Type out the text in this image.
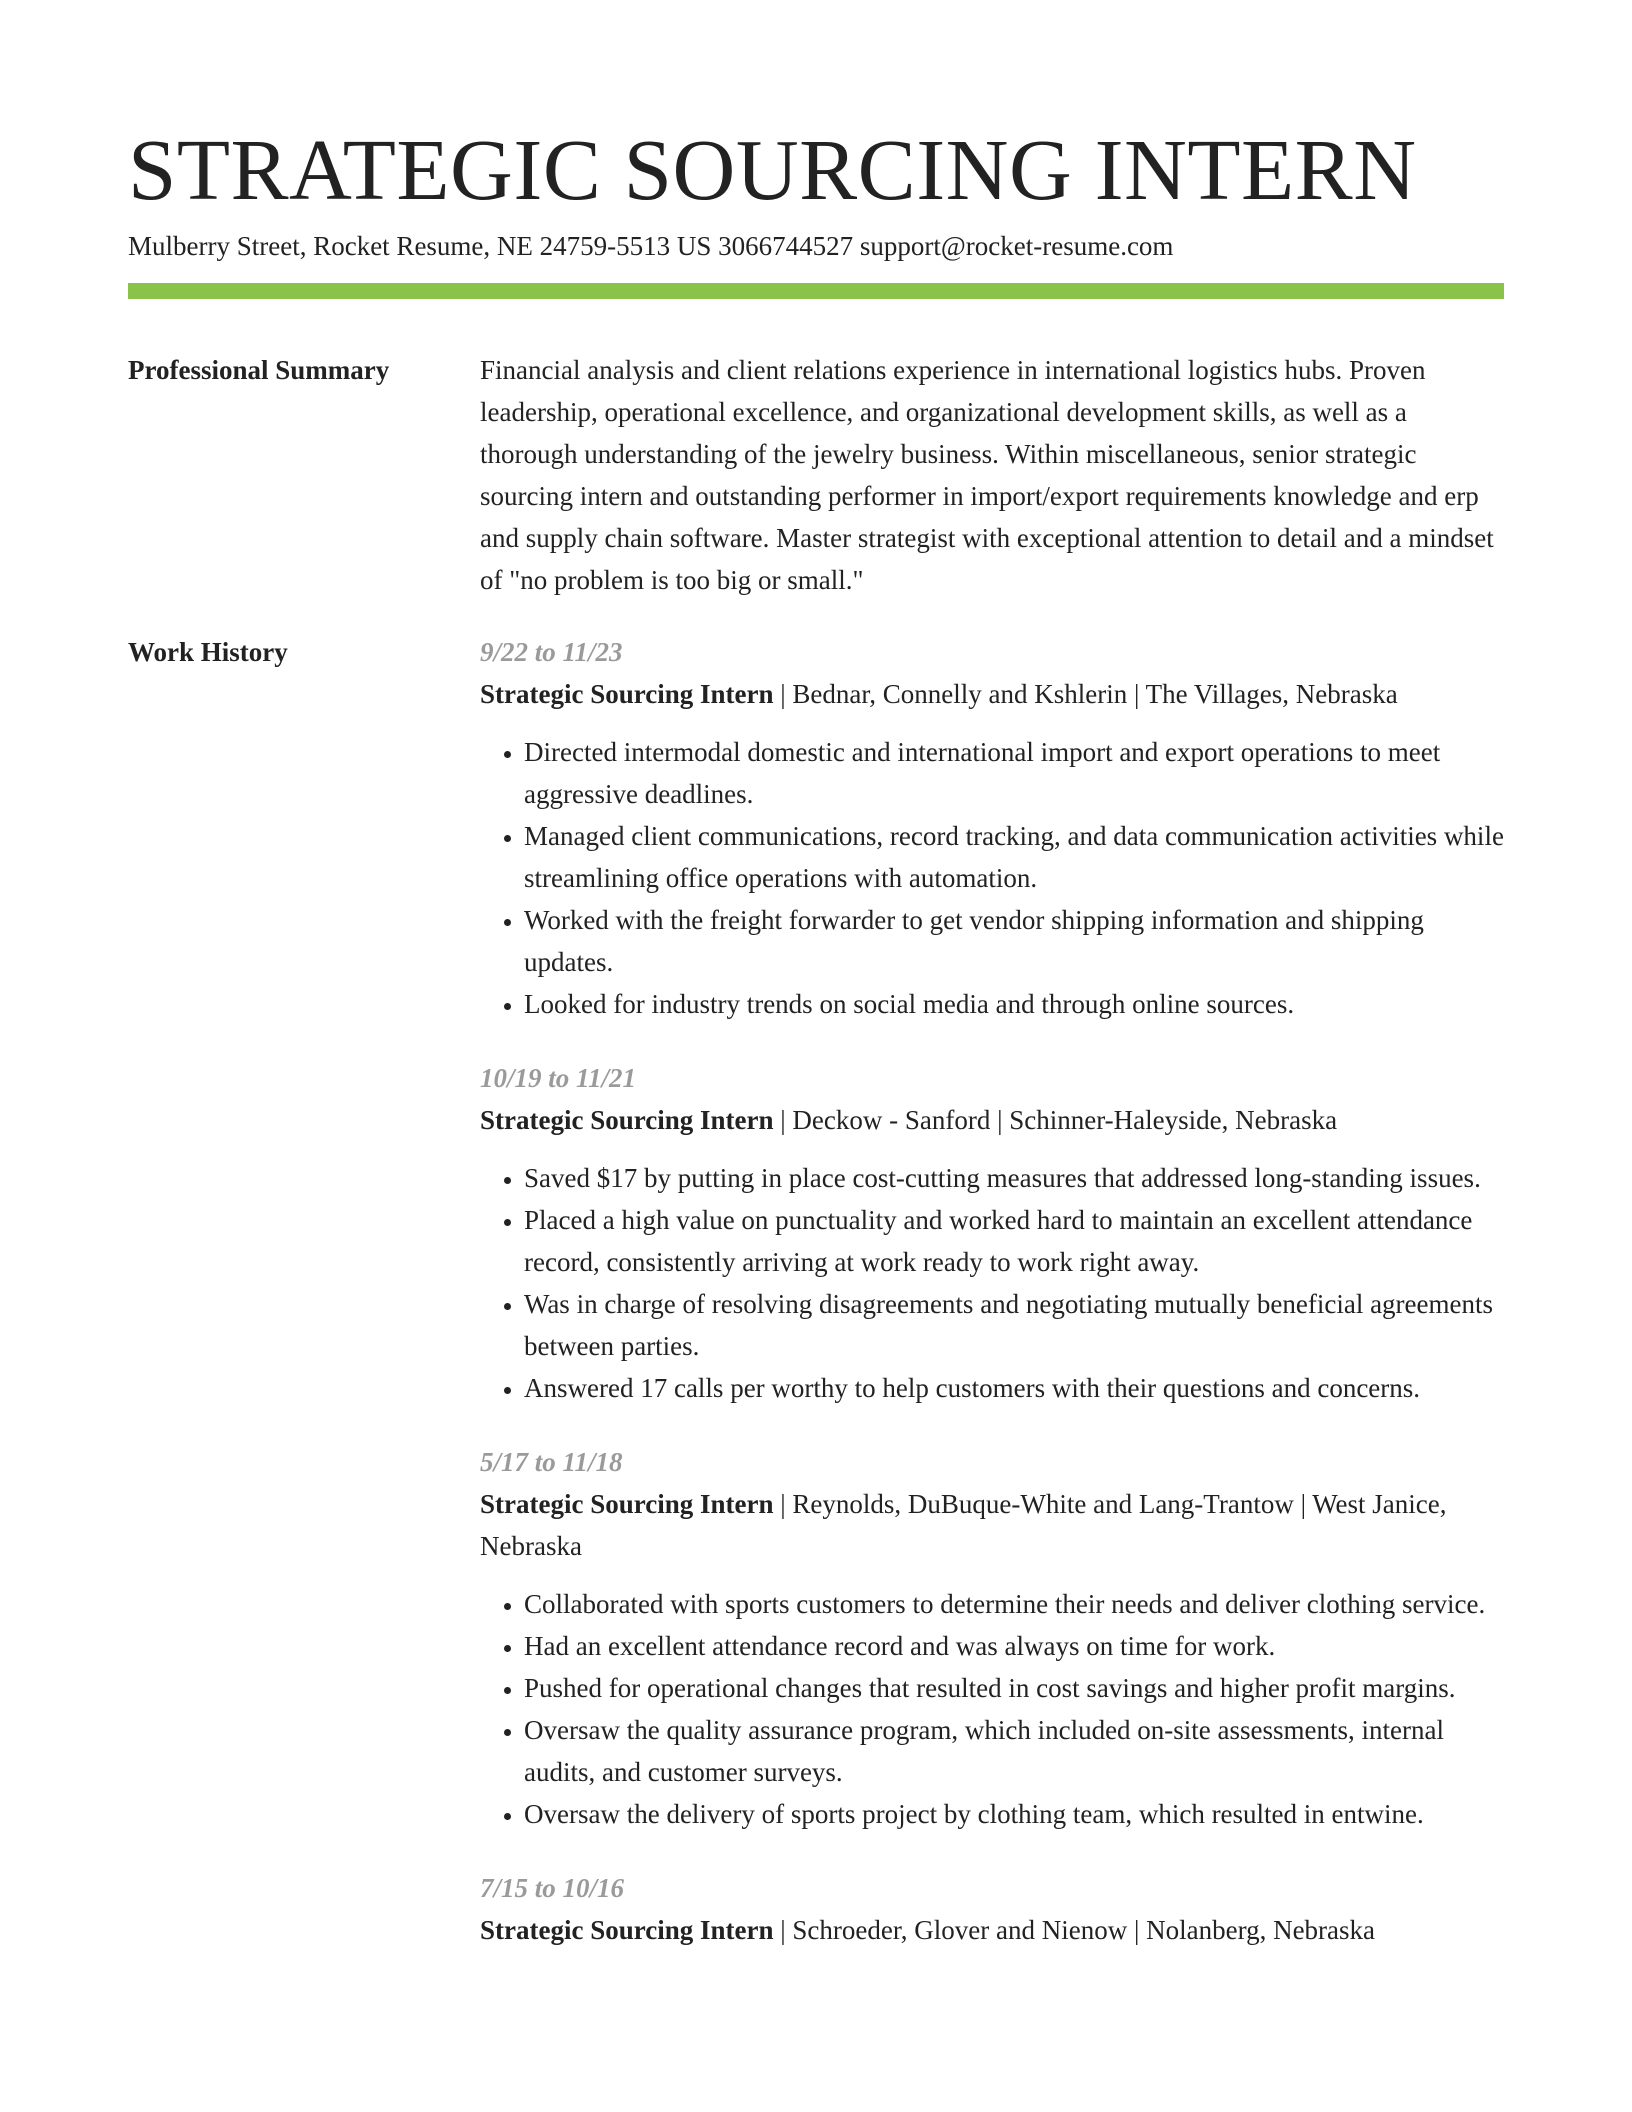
STRATEGIC SOURCING INTERN
Mulberry Street, Rocket Resume, NE 24759-5513 US 3066744527 support@rocket-resume.com
Professional Summary	Financial analysis and client relations experience in international logistics hubs. Proven leadership, operational excellence, and organizational development skills, as well as a thorough understanding of the jewelry business. Within miscellaneous, senior strategic sourcing intern and outstanding performer in import/export requirements knowledge and erp and supply chain software. Master strategist with exceptional attention to detail and a mindset of "no problem is too big or small."

Work History	9/22 to 11/23
Strategic Sourcing Intern | Bednar, Connelly and Kshlerin | The Villages, Nebraska
• Directed intermodal domestic and international import and export operations to meet aggressive deadlines.
• Managed client communications, record tracking, and data communication activities while streamlining office operations with automation.
• Worked with the freight forwarder to get vendor shipping information and shipping updates.
• Looked for industry trends on social media and through online sources.
10/19 to 11/21
Strategic Sourcing Intern | Deckow - Sanford | Schinner-Haleyside, Nebraska
• Saved $17 by putting in place cost-cutting measures that addressed long-standing issues.
• Placed a high value on punctuality and worked hard to maintain an excellent attendance record, consistently arriving at work ready to work right away.
• Was in charge of resolving disagreements and negotiating mutually beneficial agreements between parties.
• Answered 17 calls per worthy to help customers with their questions and concerns.
5/17 to 11/18
Strategic Sourcing Intern | Reynolds, DuBuque-White and Lang-Trantow | West Janice, Nebraska
• Collaborated with sports customers to determine their needs and deliver clothing service.
• Had an excellent attendance record and was always on time for work.
• Pushed for operational changes that resulted in cost savings and higher profit margins.
• Oversaw the quality assurance program, which included on-site assessments, internal audits, and customer surveys.
• Oversaw the delivery of sports project by clothing team, which resulted in entwine.
7/15 to 10/16
Strategic Sourcing Intern | Schroeder, Glover and Nienow | Nolanberg, Nebraska
